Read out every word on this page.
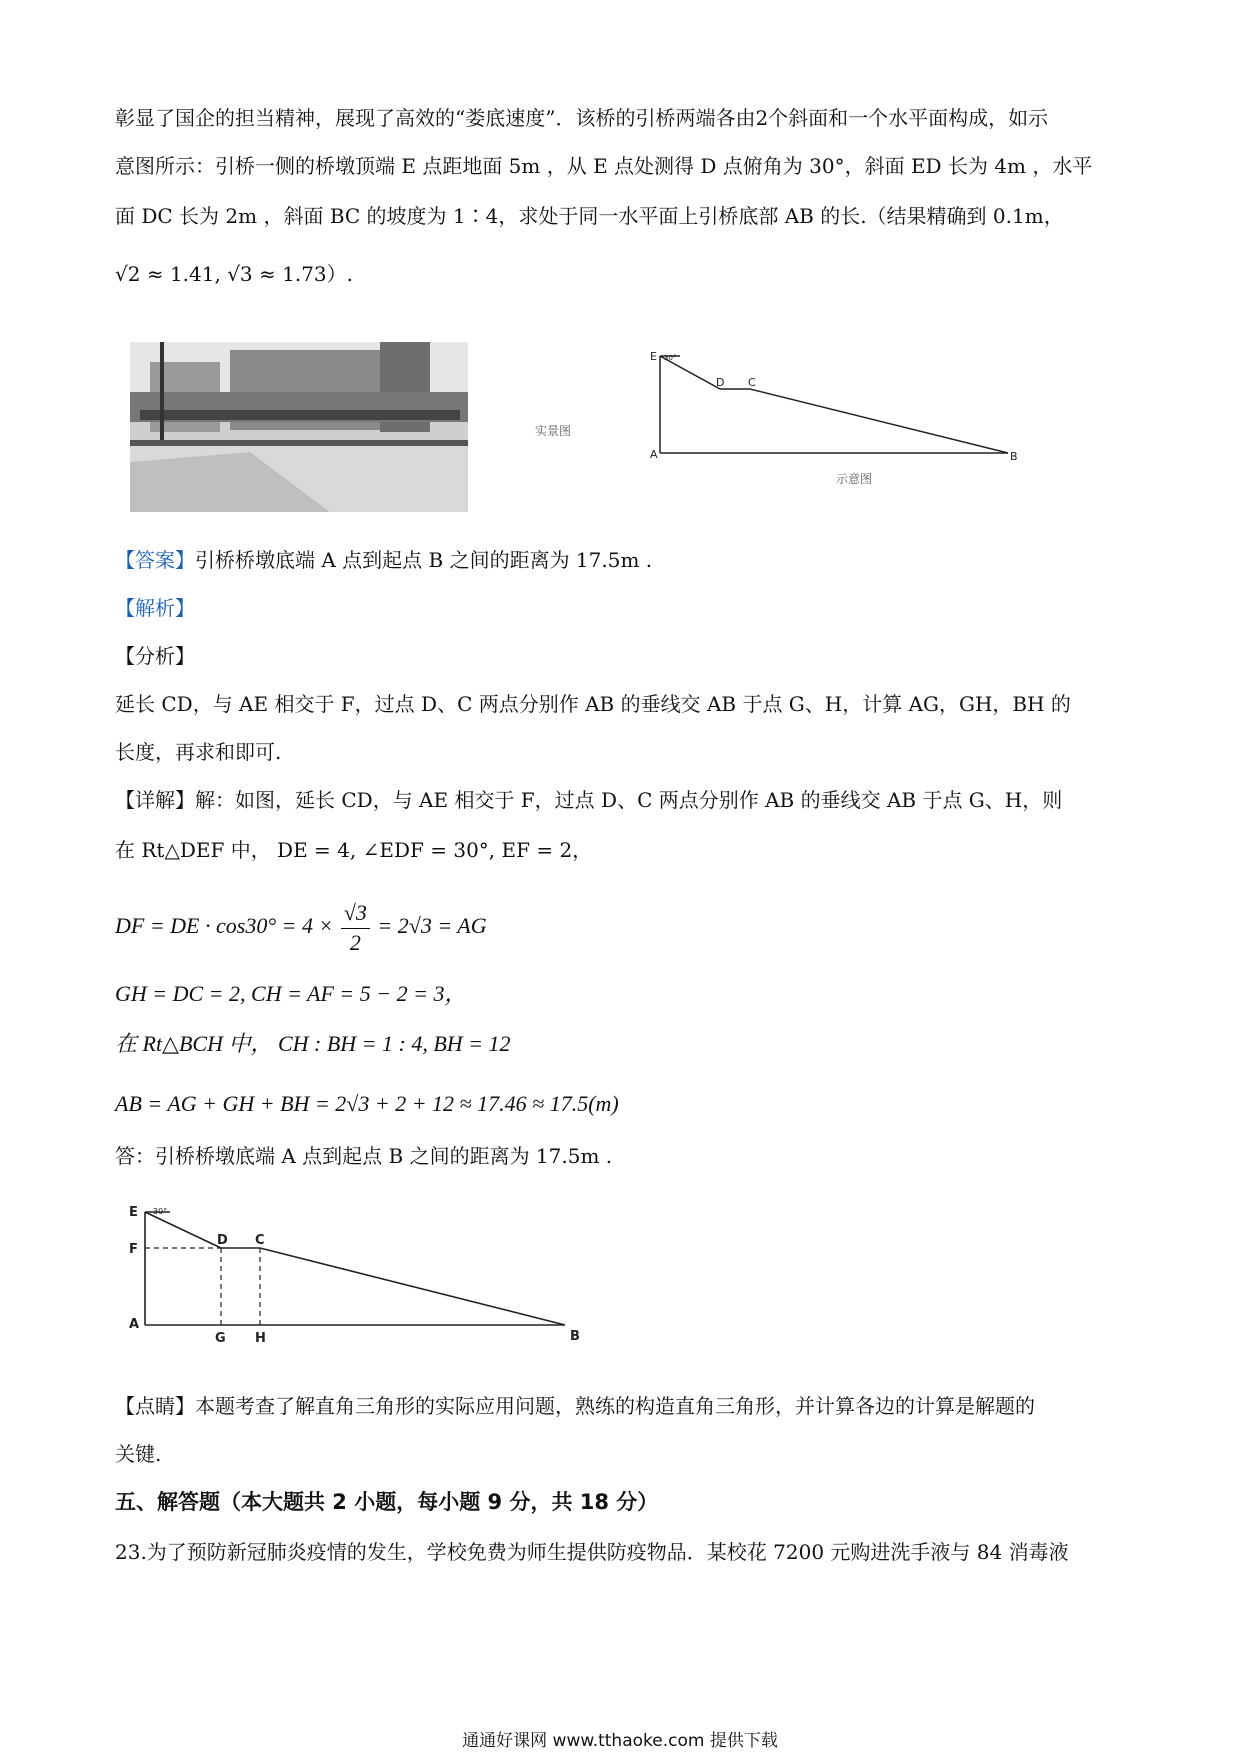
彰显了国企的担当精神，展现了高效的“娄底速度”．该桥的引桥两端各由2个斜面和一个水平面构成，如示
意图所示：引桥一侧的桥墩顶端 E 点距地面 5m ，从 E 点处测得 D 点俯角为 30°，斜面 ED 长为 4m ，水平
面 DC 长为 2m ，斜面 BC 的坡度为 1∶4，求处于同一水平面上引桥底部 AB 的长.（结果精确到 0.1m，
√2 ≈ 1.41, √3 ≈ 1.73）.
实景图
E 30°
D C
A	B
示意图
【答案】引桥桥墩底端 A 点到起点 B 之间的距离为 17.5m .
【解析】
【分析】
延长 CD，与 AE 相交于 F，过点 D、C 两点分别作 AB 的垂线交 AB 于点 G、H，计算 AG，GH，BH 的
长度，再求和即可.
【详解】解：如图，延长 CD，与 AE 相交于 F，过点 D、C 两点分别作 AB 的垂线交 AB 于点 G、H，则
在 Rt△DEF 中， DE = 4, ∠EDF = 30°, EF = 2，
DF = DE · $\cos 30^\circ = 4 \times \frac{√3}{2} = 2√3$ = AG
GH = DC = 2, CH = AF = 5 − 2 = 3，
在 Rt△BCH 中， CH : BH = 1 : 4, BH = 12
AB = AG + GH + BH = 2√3 + 2 + 12 ≈ 17.46 ≈ 17.5(m)
答：引桥桥墩底端 A 点到起点 B 之间的距离为 17.5m .
E 30°
F
D C
A
G H	B
【点睛】本题考查了解直角三角形的实际应用问题，熟练的构造直角三角形，并计算各边的计算是解题的
关键.
五、解答题（本大题共 2 小题，每小题 9 分，共 18 分）
23.为了预防新冠肺炎疫情的发生，学校免费为师生提供防疫物品．某校花 7200 元购进洗手液与 84 消毒液
通通好课网 www.tthaoke.com 提供下载
